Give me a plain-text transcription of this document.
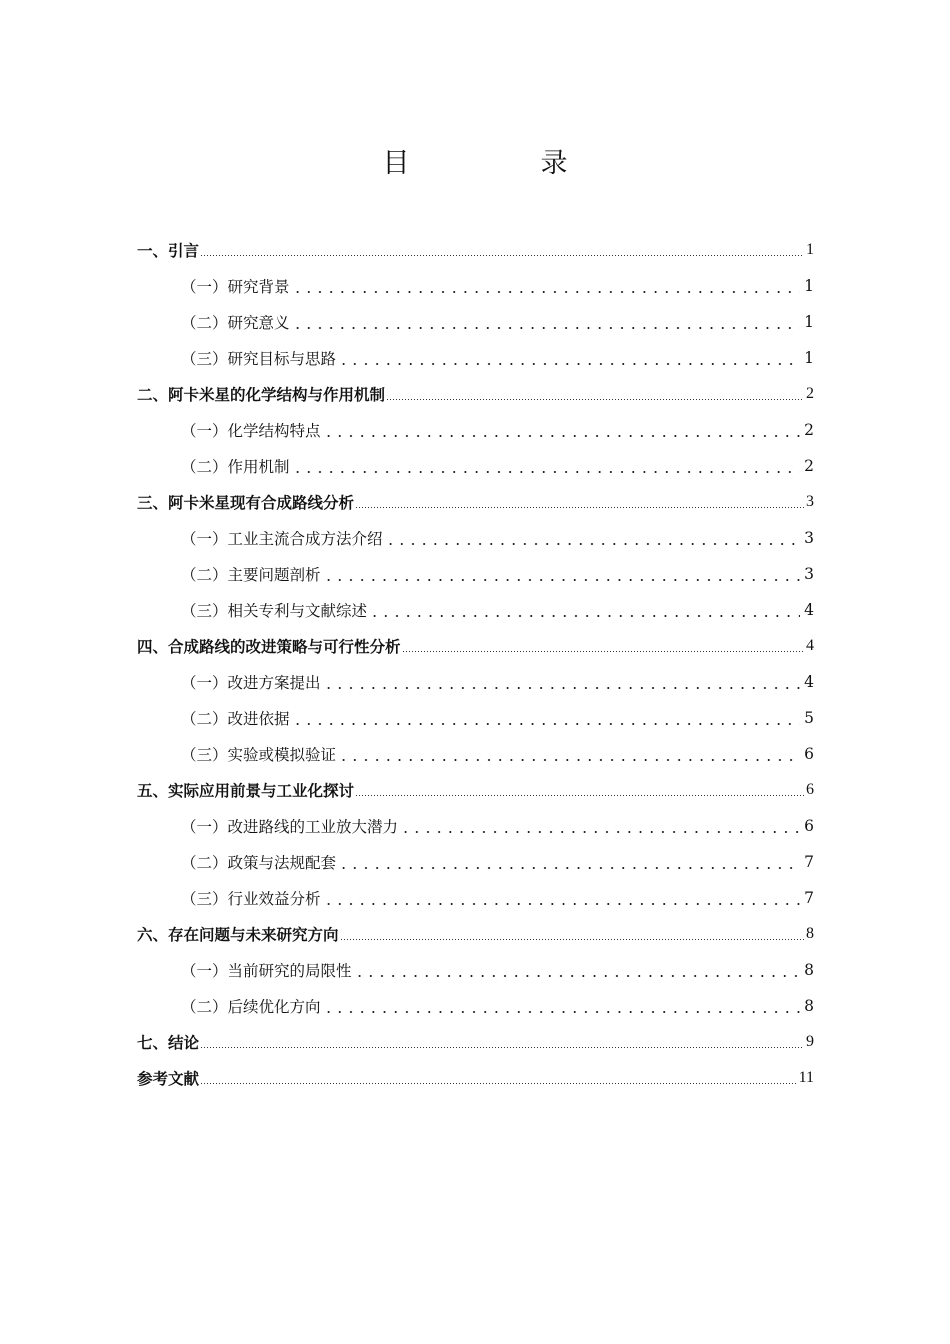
目　录
一、引言	1
（一）研究背景	1
（二）研究意义	1
（三）研究目标与思路	1
二、阿卡米星的化学结构与作用机制	2
（一）化学结构特点	2
（二）作用机制	2
三、阿卡米星现有合成路线分析	3
（一）工业主流合成方法介绍	3
（二）主要问题剖析	3
（三）相关专利与文献综述	4
四、合成路线的改进策略与可行性分析	4
（一）改进方案提出	4
（二）改进依据	5
（三）实验或模拟验证	6
五、实际应用前景与工业化探讨	6
（一）改进路线的工业放大潜力	6
（二）政策与法规配套	7
（三）行业效益分析	7
六、存在问题与未来研究方向	8
（一）当前研究的局限性	8
（二）后续优化方向	8
七、结论	9
参考文献	11
